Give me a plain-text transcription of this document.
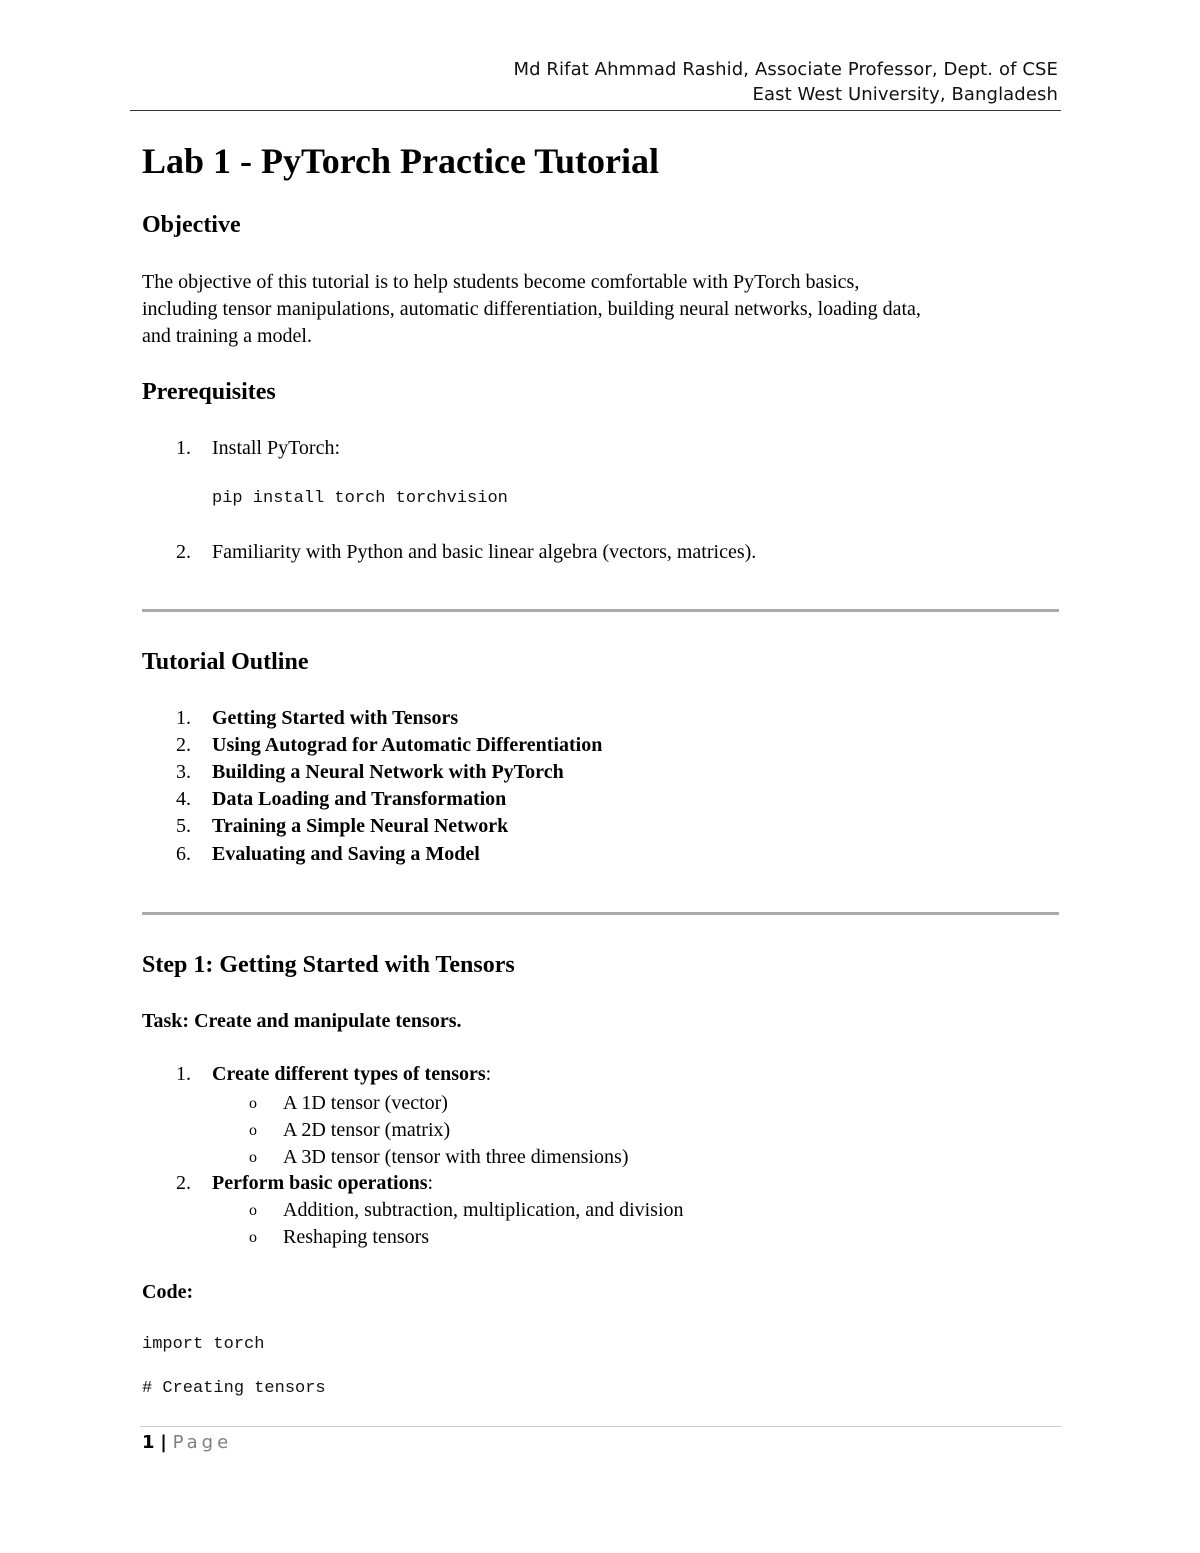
Md Rifat Ahmmad Rashid, Associate Professor, Dept. of CSE
East West University, Bangladesh
Lab 1 - PyTorch Practice Tutorial
Objective
The objective of this tutorial is to help students become comfortable with PyTorch basics,
including tensor manipulations, automatic differentiation, building neural networks, loading data,
and training a model.
Prerequisites
1. Install PyTorch:
pip install torch torchvision
2. Familiarity with Python and basic linear algebra (vectors, matrices).
Tutorial Outline
1. Getting Started with Tensors
2. Using Autograd for Automatic Differentiation
3. Building a Neural Network with PyTorch
4. Data Loading and Transformation
5. Training a Simple Neural Network
6. Evaluating and Saving a Model
Step 1: Getting Started with Tensors
Task: Create and manipulate tensors.
1. Create different types of tensors:
o A 1D tensor (vector)
o A 2D tensor (matrix)
o A 3D tensor (tensor with three dimensions)
2. Perform basic operations:
o Addition, subtraction, multiplication, and division
o Reshaping tensors
Code:
import torch
# Creating tensors
1 | Page
